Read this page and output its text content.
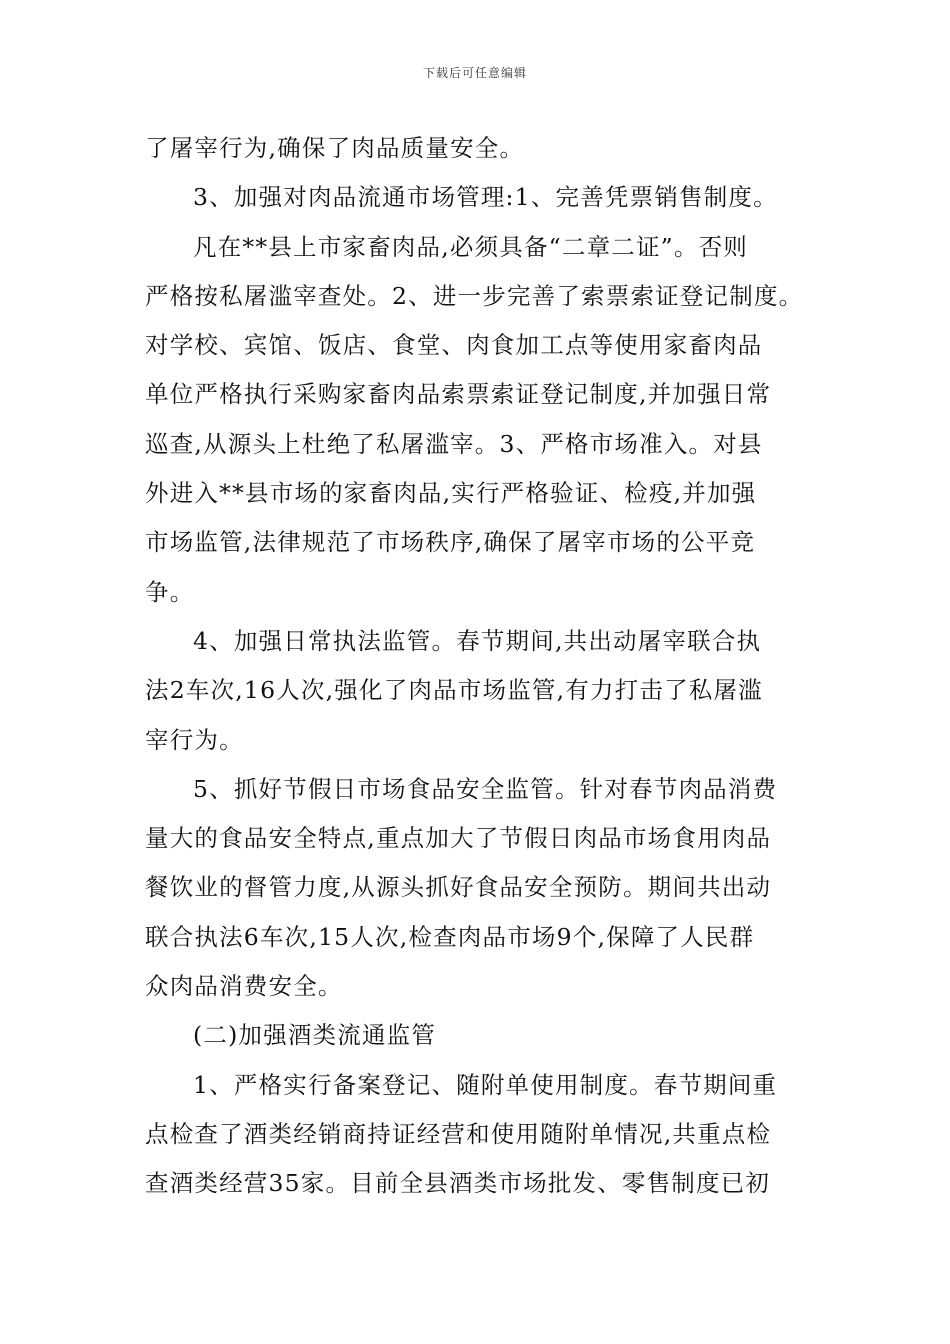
下载后可任意编辑
了屠宰行为,确保了肉品质量安全。
3、加强对肉品流通市场管理:1、完善凭票销售制度。
凡在**县上市家畜肉品,必须具备“二章二证”。否则
严格按私屠滥宰查处。2、进一步完善了索票索证登记制度。
对学校、宾馆、饭店、食堂、肉食加工点等使用家畜肉品
单位严格执行采购家畜肉品索票索证登记制度,并加强日常
巡查,从源头上杜绝了私屠滥宰。3、严格市场准入。对县
外进入**县市场的家畜肉品,实行严格验证、检疫,并加强
市场监管,法律规范了市场秩序,确保了屠宰市场的公平竞
争。
4、加强日常执法监管。春节期间,共出动屠宰联合执
法2车次,16人次,强化了肉品市场监管,有力打击了私屠滥
宰行为。
5、抓好节假日市场食品安全监管。针对春节肉品消费
量大的食品安全特点,重点加大了节假日肉品市场食用肉品
餐饮业的督管力度,从源头抓好食品安全预防。期间共出动
联合执法6车次,15人次,检查肉品市场9个,保障了人民群
众肉品消费安全。
(二)加强酒类流通监管
1、严格实行备案登记、随附单使用制度。春节期间重
点检查了酒类经销商持证经营和使用随附单情况,共重点检
查酒类经营35家。目前全县酒类市场批发、零售制度已初
